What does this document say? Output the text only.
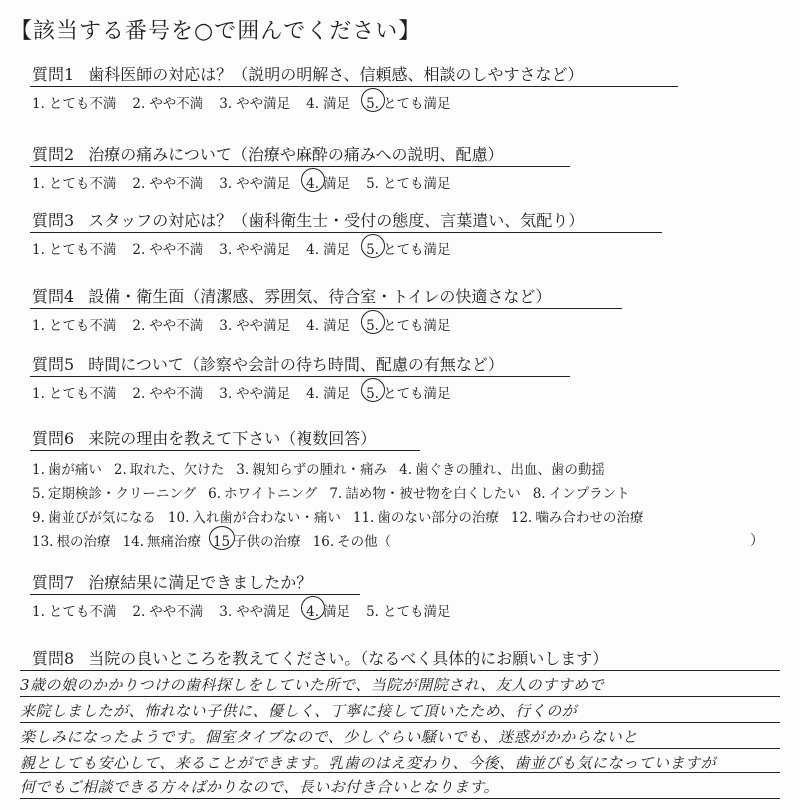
【該当する番号を○で囲んでください】
質問1 歯科医師の対応は？（説明の明解さ、信頼感、相談のしやすさなど）
1. とても不満 2. やや不満 3. やや満足 4. 満足 5. とても満足
質問2 治療の痛みについて（治療や麻酔の痛みへの説明、配慮）
1. とても不満 2. やや不満 3. やや満足 4. 満足 5. とても満足
質問3 スタッフの対応は？（歯科衛生士・受付の態度、言葉遣い、気配り）
1. とても不満 2. やや不満 3. やや満足 4. 満足 5. とても満足
質問4 設備・衛生面（清潔感、雰囲気、待合室・トイレの快適さなど）
1. とても不満 2. やや不満 3. やや満足 4. 満足 5. とても満足
質問5 時間について（診察や会計の待ち時間、配慮の有無など）
1. とても不満 2. やや不満 3. やや満足 4. 満足 5. とても満足
質問6 来院の理由を教えて下さい（複数回答）
1. 歯が痛い 2. 取れた、欠けた 3. 親知らずの腫れ・痛み 4. 歯ぐきの腫れ、出血、歯の動揺
5. 定期検診・クリーニング 6. ホワイトニング 7. 詰め物・被せ物を白くしたい 8. インプラント
9. 歯並びが気になる 10. 入れ歯が合わない・痛い 11. 歯のない部分の治療 12. 噛み合わせの治療
13. 根の治療 14. 無痛治療 15 子供の治療 16. その他（	）
質問7 治療結果に満足できましたか？
1. とても不満 2. やや不満 3. やや満足 4. 満足 5. とても満足
質問8 当院の良いところを教えてください。（なるべく具体的にお願いします）
3歳の娘のかかりつけの歯科探しをしていた所で、当院が開院され、友人のすすめで
来院しましたが、怖れない子供に、優しく、丁寧に接して頂いたため、行くのが
楽しみになったようです。個室タイプなので、少しぐらい騒いでも、迷惑がかからないと
親としても安心して、来ることができます。乳歯のはえ変わり、今後、歯並びも気になっていますが
何でもご相談できる方々ばかりなので、長いお付き合いとなります。
